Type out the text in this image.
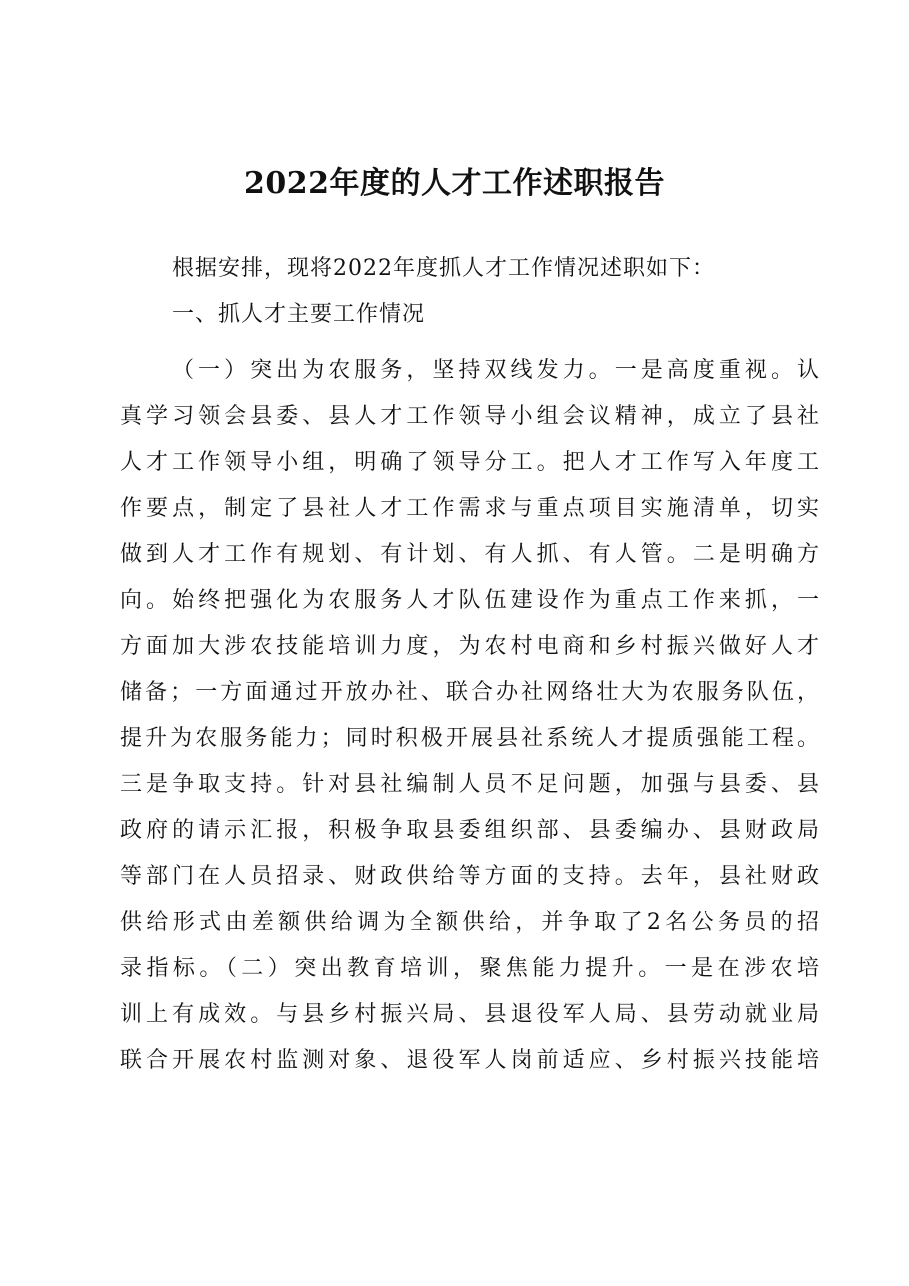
2022年度的人才工作述职报告
根据安排，现将2022年度抓人才工作情况述职如下：
一、抓人才主要工作情况
（一）突出为农服务，坚持双线发力。一是高度重视。认
真学习领会县委、县人才工作领导小组会议精神，成立了县社
人才工作领导小组，明确了领导分工。把人才工作写入年度工
作要点，制定了县社人才工作需求与重点项目实施清单，切实
做到人才工作有规划、有计划、有人抓、有人管。二是明确方
向。始终把强化为农服务人才队伍建设作为重点工作来抓，一
方面加大涉农技能培训力度，为农村电商和乡村振兴做好人才
储备；一方面通过开放办社、联合办社网络壮大为农服务队伍，
提升为农服务能力；同时积极开展县社系统人才提质强能工程。
三是争取支持。针对县社编制人员不足问题，加强与县委、县
政府的请示汇报，积极争取县委组织部、县委编办、县财政局
等部门在人员招录、财政供给等方面的支持。去年，县社财政
供给形式由差额供给调为全额供给，并争取了2名公务员的招
录指标。（二）突出教育培训，聚焦能力提升。一是在涉农培
训上有成效。与县乡村振兴局、县退役军人局、县劳动就业局
联合开展农村监测对象、退役军人岗前适应、乡村振兴技能培
